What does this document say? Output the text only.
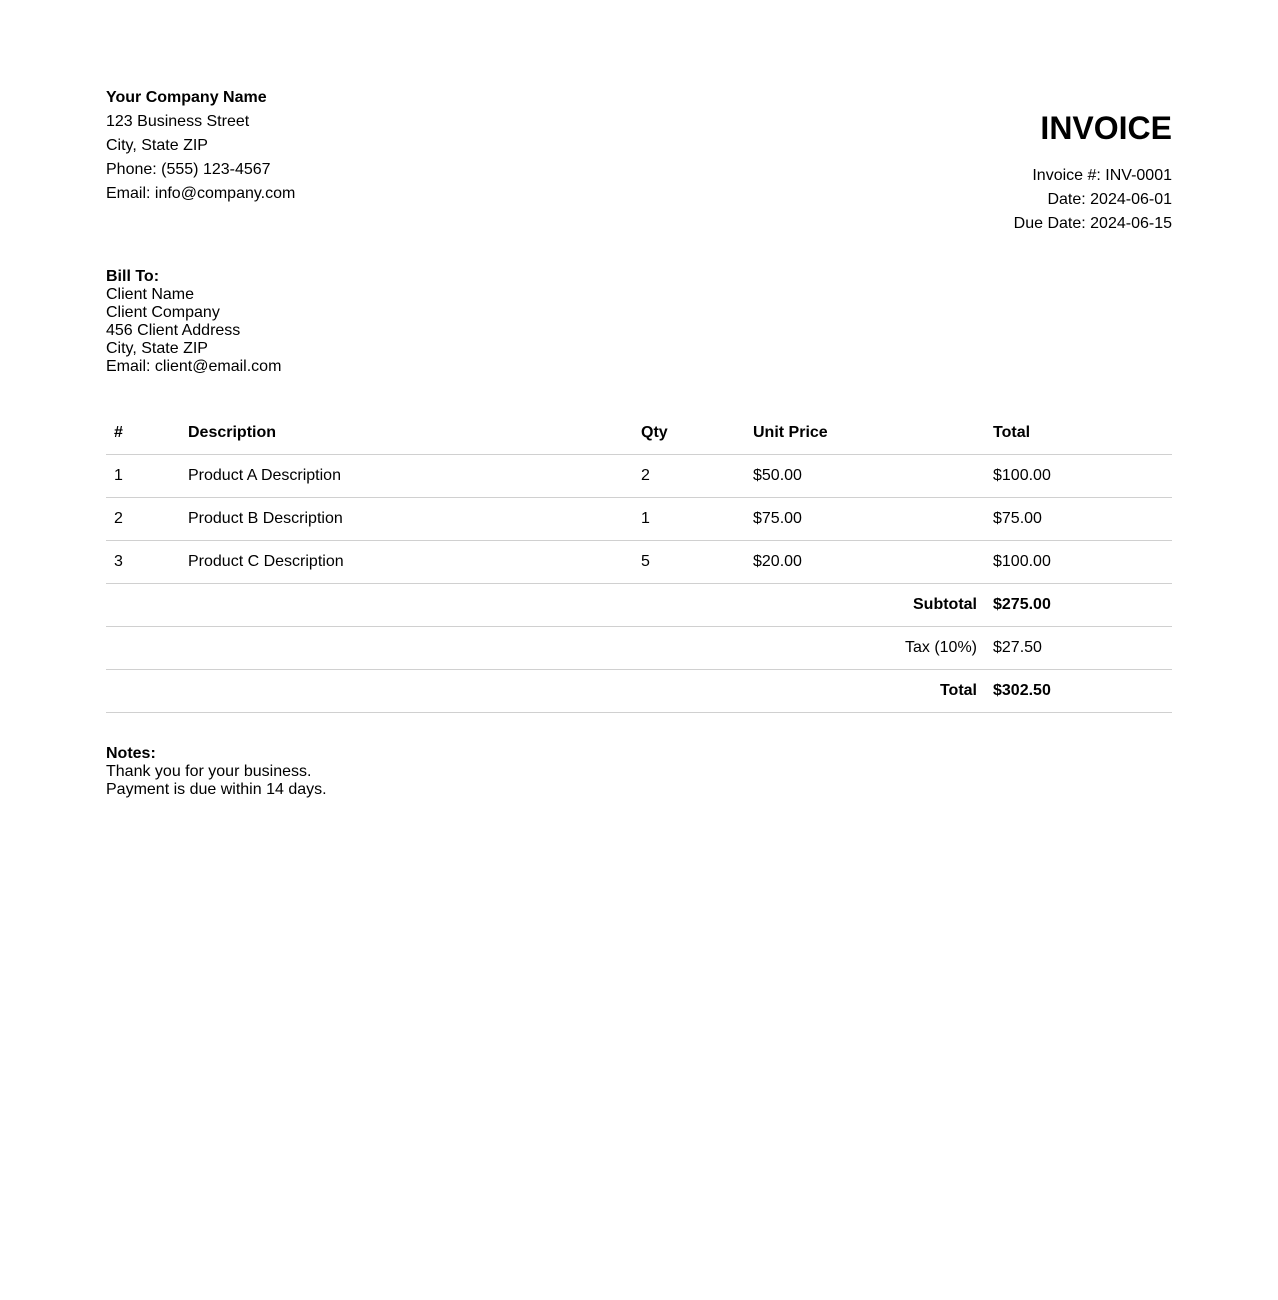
Your Company Name
123 Business Street
City, State ZIP
Phone: (555) 123-4567
Email: info@company.com
INVOICE
Invoice #: INV-0001
Date: 2024-06-01
Due Date: 2024-06-15
Bill To:
Client Name
Client Company
456 Client Address
City, State ZIP
Email: client@email.com
#	Description	Qty	Unit Price	Total
1	Product A Description	2	$50.00	$100.00
2	Product B Description	1	$75.00	$75.00
3	Product C Description	5	$20.00	$100.00
Subtotal				$275.00
Tax (10%)				$27.50
Total				$302.50
Notes:
Thank you for your business.
Payment is due within 14 days.
